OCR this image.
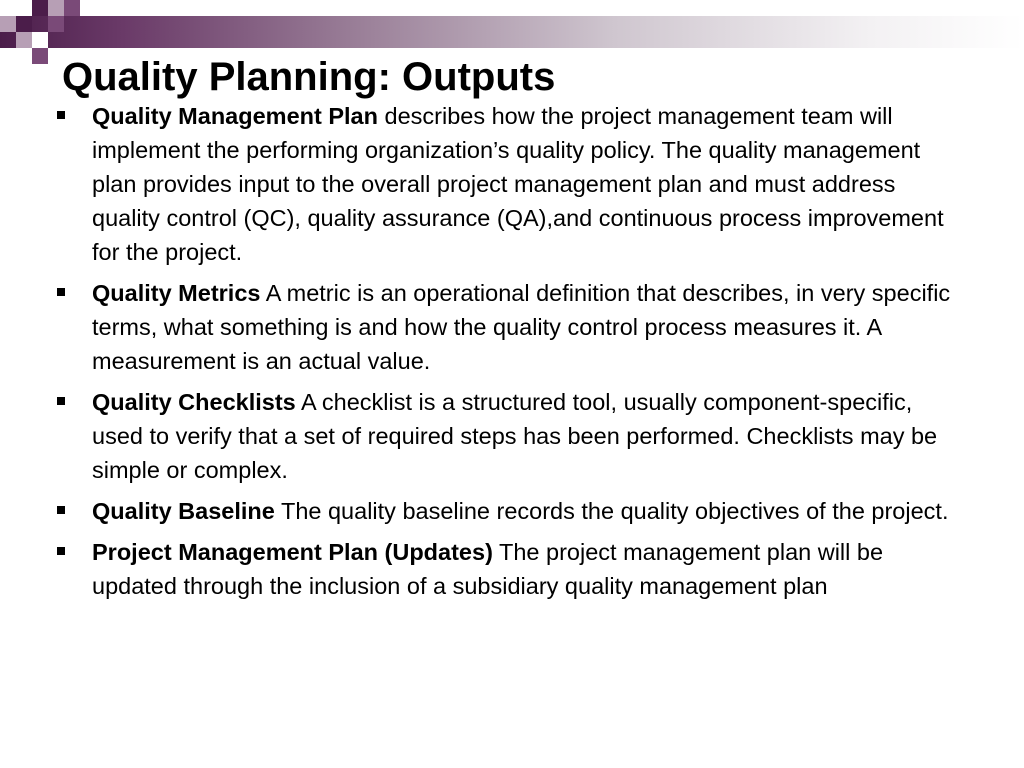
Quality Planning: Outputs
Quality Management Plan describes how the project management team will implement the performing organization’s quality policy. The quality management plan provides input to the overall project management plan and must address quality control (QC), quality assurance (QA),and continuous process improvement for the project.
Quality Metrics A metric is an operational definition that describes, in very specific terms, what something is and how the quality control process measures it. A measurement is an actual value.
Quality Checklists A checklist is a structured tool, usually component-specific, used to verify that a set of required steps has been performed. Checklists may be simple or complex.
Quality Baseline The quality baseline records the quality objectives of the project.
Project Management Plan (Updates) The project management plan will be updated through the inclusion of a subsidiary quality management plan
